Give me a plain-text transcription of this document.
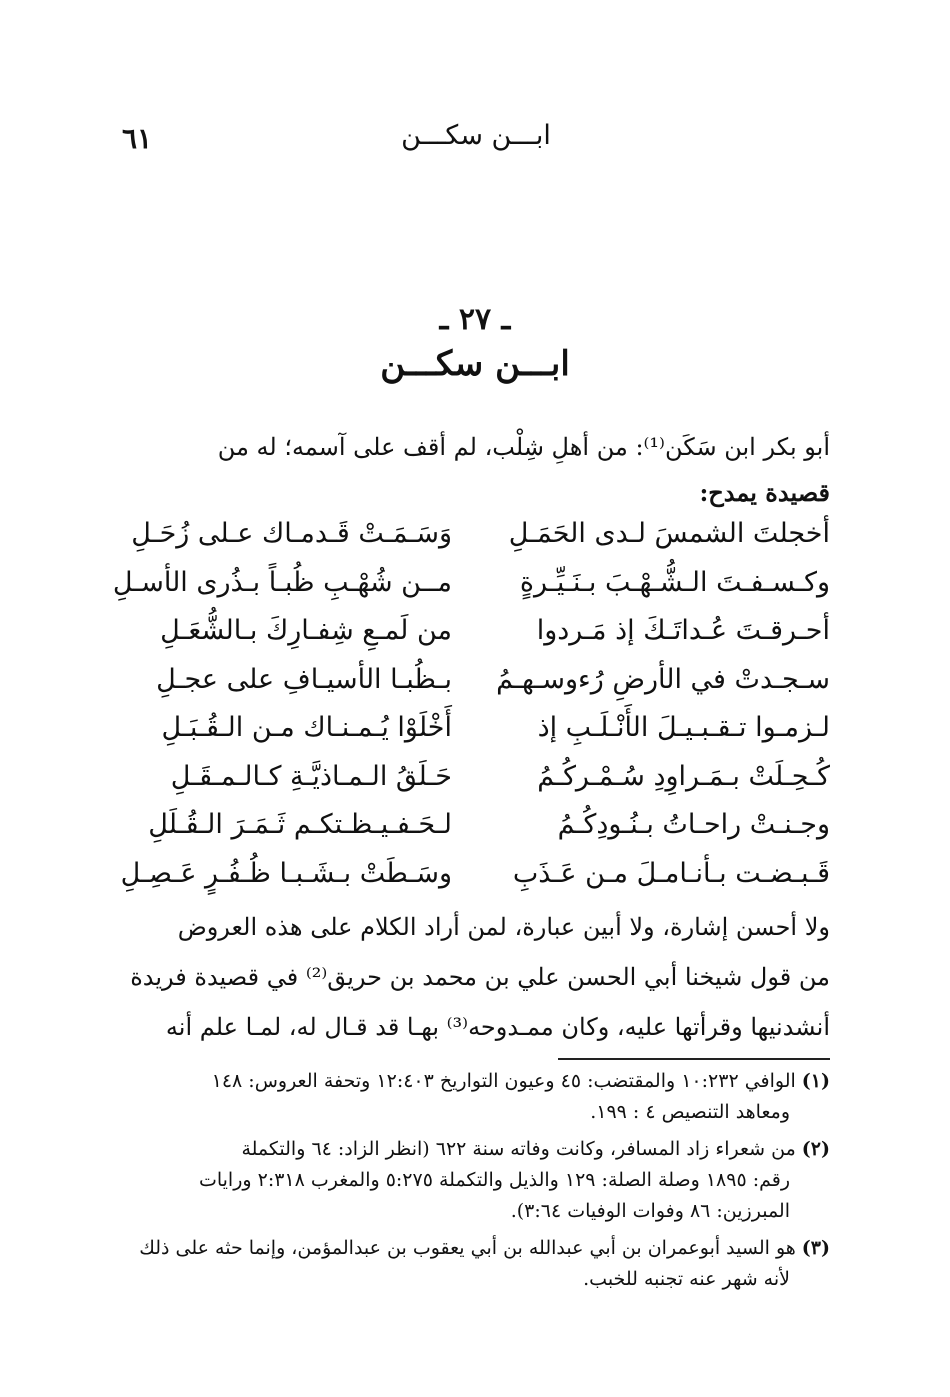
ابـــن سكـــن
٦١
ـ ٢٧ ـ
ابـــن سكـــن
أبو بكر ابن سَكَن⁽¹⁾: من أهلِ شِلْب، لم أقف على آسمه؛ له من
قصيدة يمدح:
أخجلتَ الشمسَ لـدى الحَمَـلِ
وَسَـمَـتْ قَـدمـاك عـلى زُحَـلِ
وكـسـفـتَ الـشُّـهْـبَ بـنَـيِّـرةٍ
مــن شُهْـبِ ظُبـاً بـذُرى الأسـلِ
أحـرقـتَ عُـداتَـكَ إذ مَـردوا
من لَمـعِ شِفـارِكَ بـالشُّعَـلِ
سـجـدتْ في الأرضِ رُءوسـهـمُ
بـظُبـا الأسيـافِ على عجـلِ
لـزمـوا تـقـبـيـلَ الأَنْـلَـبِ إذ
أَخْلَوْا يُـمـنـاك مـن الـقُـبَـلِ
كُـحِـلَتْ بـمَـراوِدِ سُـمْـركُـمُ
حَـلَقُ الـمـاذيَّـةِ كـالـمـقَـلِ
وجـنـتْ راحـاتُ بـنُـودِكُـمُ
لـحَـفـيـظـتكـم ثَـمَـرَ الـقُـلَلِ
قَـبـضـت بـأنـامـلَ مـن عَـذَبِ
وسَـطَتْ بـشَـبـا ظُـفُـرٍ عَـصِـلِ
ولا أحسن إشارة، ولا أبين عبارة، لمن أراد الكلام على هذه العروض
من قول شيخنا أبي الحسن علي بن محمد بن حريق⁽²⁾ في قصيدة فريدة
أنشدنيها وقرأتها عليه، وكان ممـدوحه⁽³⁾ بهـا قد قـال له، لمـا علم أنه
(١)الوافي ١٠:٢٣٢ والمقتضب: ٤٥ وعيون التواريخ ١٢:٤٠٣ وتحفة العروس: ١٤٨
ومعاهد التنصيص ٤ : ١٩٩.
(٢)من شعراء زاد المسافر، وكانت وفاته سنة ٦٢٢ (انظر الزاد: ٦٤ والتكملة
رقم: ١٨٩٥ وصلة الصلة: ١٢٩ والذيل والتكملة ٥:٢٧٥ والمغرب ٢:٣١٨ ورايات
المبرزين: ٨٦ وفوات الوفيات ٣:٦٤).
(٣)هو السيد أبوعمران بن أبي عبدالله بن أبي يعقوب بن عبدالمؤمن، وإنما حثه على ذلك
لأنه شهر عنه تجنبه للخبب.
